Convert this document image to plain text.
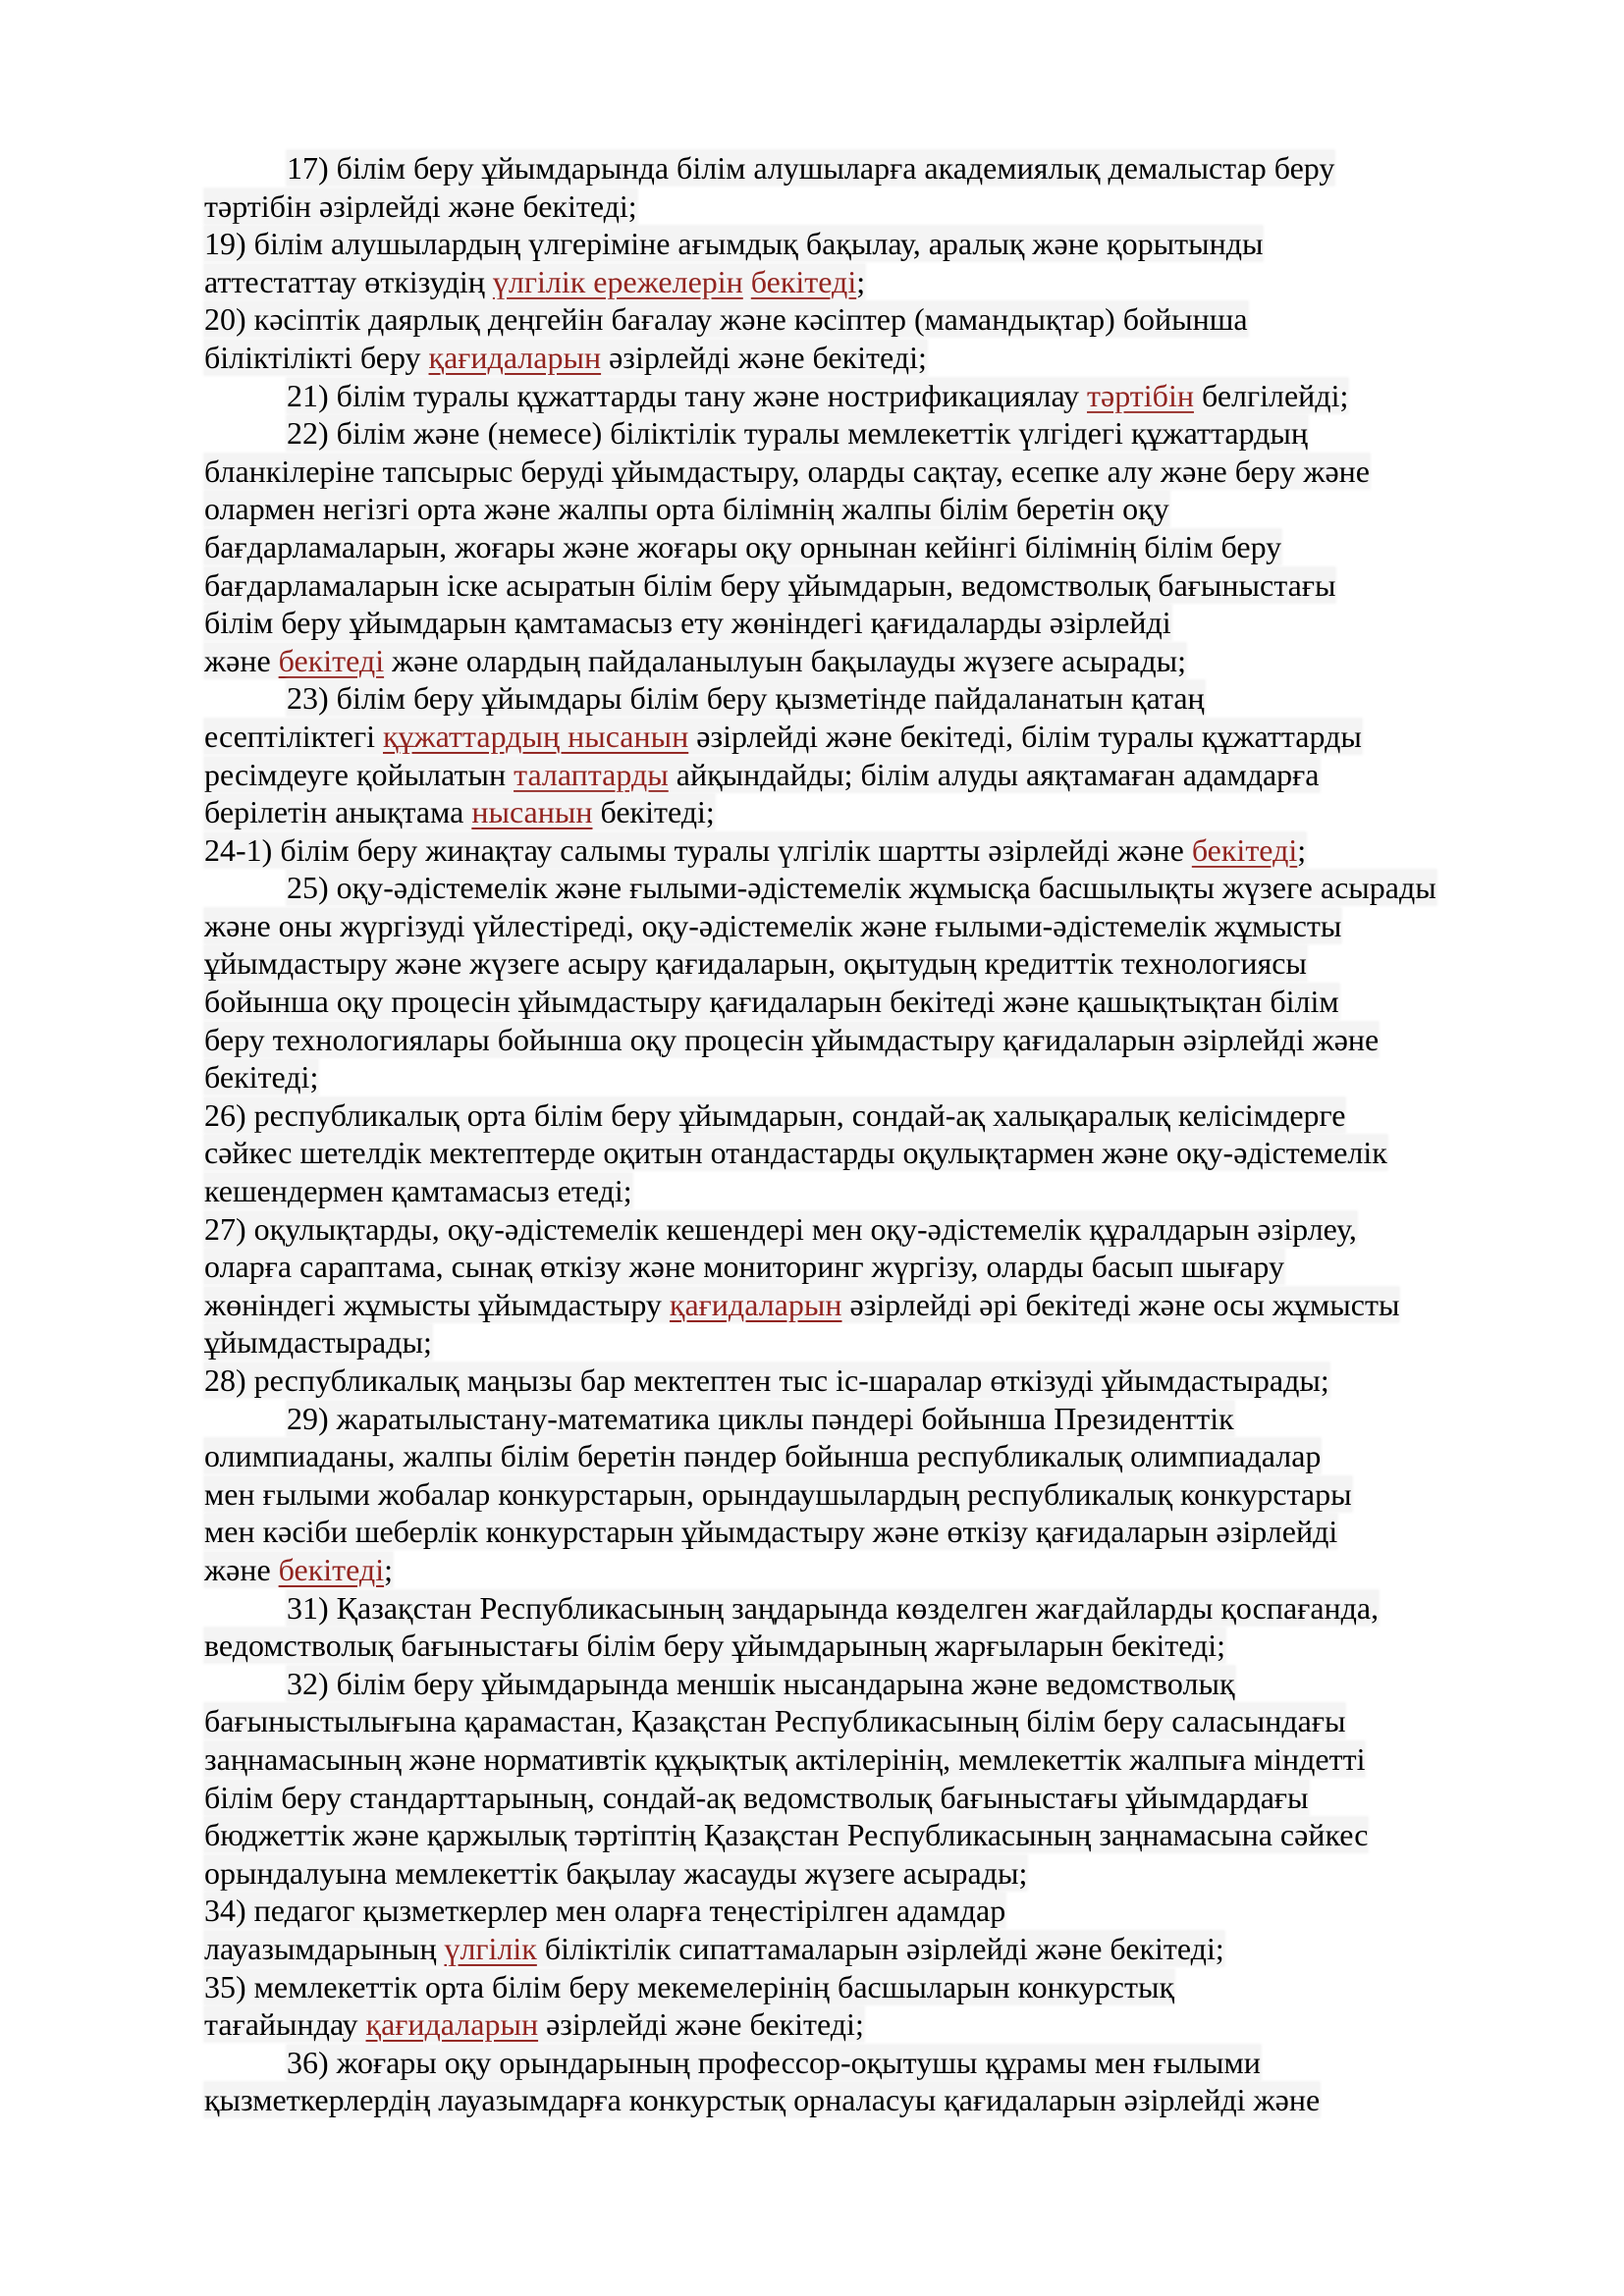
17) білім беру ұйымдарында білім алушыларға академиялық демалыстар беру
тәртібін әзірлейді және бекітеді;
19) білім алушылардың үлгеріміне ағымдық бақылау, аралық және қорытынды
аттестаттау өткізудің үлгілік ережелерін бекітеді;
20) кәсіптік даярлық деңгейін бағалау және кәсіптер (мамандықтар) бойынша
біліктілікті беру қағидаларын әзірлейді және бекітеді;
21) білім туралы құжаттарды тану және нострификациялау тәртібін белгілейді;
22) білім және (немесе) біліктілік туралы мемлекеттік үлгідегі құжаттардың
бланкілеріне тапсырыс беруді ұйымдастыру, оларды сақтау, есепке алу және беру және
олармен негізгі орта және жалпы орта білімнің жалпы білім беретін оқу
бағдарламаларын, жоғары және жоғары оқу орнынан кейінгі білімнің білім беру
бағдарламаларын іске асыратын білім беру ұйымдарын, ведомстволық бағыныстағы
білім беру ұйымдарын қамтамасыз ету жөніндегі қағидаларды әзірлейді
және бекітеді және олардың пайдаланылуын бақылауды жүзеге асырады;
23) білім беру ұйымдары білім беру қызметінде пайдаланатын қатаң
есептіліктегі құжаттардың нысанын әзірлейді және бекітеді, білім туралы құжаттарды
ресімдеуге қойылатын талаптарды айқындайды; білім алуды аяқтамаған адамдарға
берілетін анықтама нысанын бекітеді;
24-1) білім беру жинақтау салымы туралы үлгілік шартты әзірлейді және бекітеді;
25) оқу-әдістемелік және ғылыми-әдістемелік жұмысқа басшылықты жүзеге асырады
және оны жүргізуді үйлестіреді, оқу-әдістемелік және ғылыми-әдістемелік жұмысты
ұйымдастыру және жүзеге асыру қағидаларын, оқытудың кредиттік технологиясы
бойынша оқу процесін ұйымдастыру қағидаларын бекітеді және қашықтықтан білім
беру технологиялары бойынша оқу процесін ұйымдастыру қағидаларын әзірлейді және
бекітеді;
26) республикалық орта білім беру ұйымдарын, сондай-ақ халықаралық келісімдерге
сәйкес шетелдік мектептерде оқитын отандастарды оқулықтармен және оқу-әдістемелік
кешендермен қамтамасыз етеді;
27) оқулықтарды, оқу-әдістемелік кешендері мен оқу-әдістемелік құралдарын әзірлеу,
оларға сараптама, сынақ өткізу және мониторинг жүргізу, оларды басып шығару
жөніндегі жұмысты ұйымдастыру қағидаларын әзірлейді әрі бекітеді және осы жұмысты
ұйымдастырады;
28) республикалық маңызы бар мектептен тыс іс-шаралар өткізуді ұйымдастырады;
29) жаратылыстану-математика циклы пәндері бойынша Президенттік
олимпиаданы, жалпы білім беретін пәндер бойынша республикалық олимпиадалар
мен ғылыми жобалар конкурстарын, орындаушылардың республикалық конкурстары
мен кәсіби шеберлік конкурстарын ұйымдастыру және өткізу қағидаларын әзірлейді
және бекітеді;
31) Қазақстан Республикасының заңдарында көзделген жағдайларды қоспағанда,
ведомстволық бағыныстағы білім беру ұйымдарының жарғыларын бекітеді;
32) білім беру ұйымдарында меншік нысандарына және ведомстволық
бағыныстылығына қарамастан, Қазақстан Республикасының білім беру саласындағы
заңнамасының және нормативтік құқықтық актілерінің, мемлекеттік жалпыға міндетті
білім беру стандарттарының, сондай-ақ ведомстволық бағыныстағы ұйымдардағы
бюджеттік және қаржылық тәртіптің Қазақстан Республикасының заңнамасына сәйкес
орындалуына мемлекеттік бақылау жасауды жүзеге асырады;
34) педагог қызметкерлер мен оларға теңестірілген адамдар
лауазымдарының үлгілік біліктілік сипаттамаларын әзірлейді және бекітеді;
35) мемлекеттік орта білім беру мекемелерінің басшыларын конкурстық
тағайындау қағидаларын әзірлейді және бекітеді;
36) жоғары оқу орындарының профессор-оқытушы құрамы мен ғылыми
қызметкерлердің лауазымдарға конкурстық орналасуы қағидаларын әзірлейді және
